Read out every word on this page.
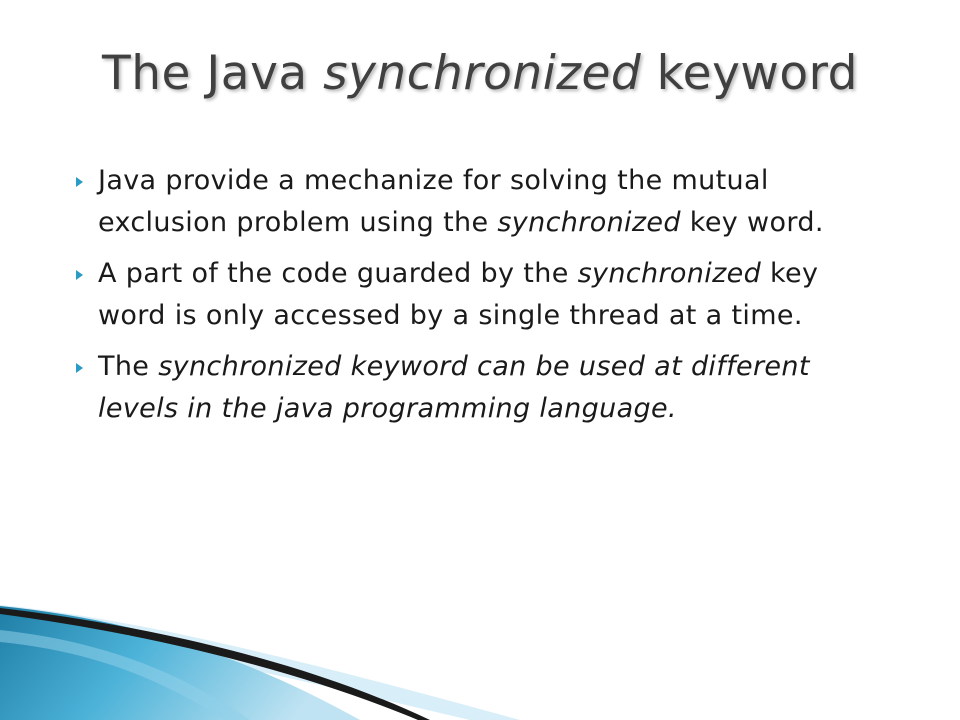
The Java synchronized keyword
Java provide a mechanize for solving the mutual exclusion problem using the synchronized key word.
A part of the code guarded by the synchronized key word is only accessed by a single thread at a time.
The synchronized keyword can be used at different levels in the java programming language.
